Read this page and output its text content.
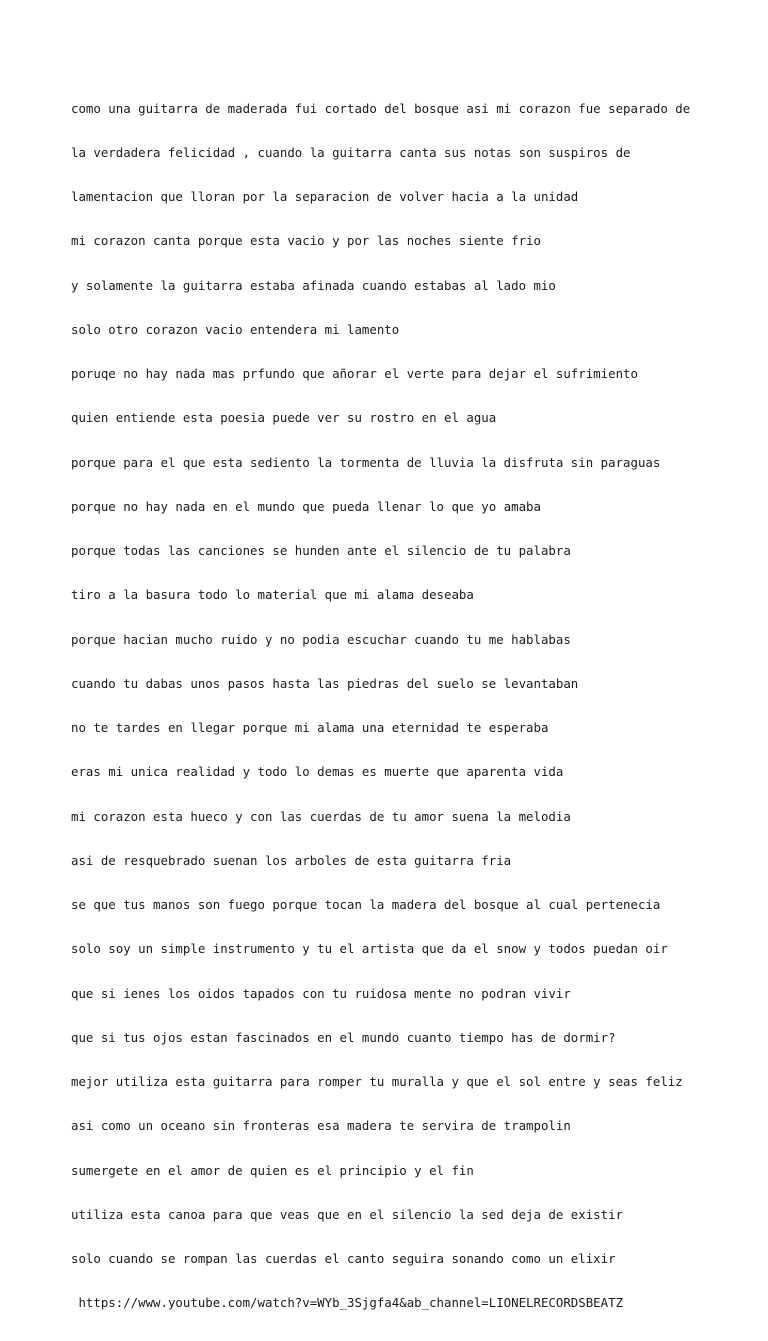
como una guitarra de maderada fui cortado del bosque asi mi corazon fue separado de

la verdadera felicidad , cuando la guitarra canta sus notas son suspiros de

lamentacion que lloran por la separacion de volver hacia a la unidad

mi corazon canta porque esta vacio y por las noches siente frio

y solamente la guitarra estaba afinada cuando estabas al lado mio

solo otro corazon vacio entendera mi lamento

poruqe no hay nada mas prfundo que añorar el verte para dejar el sufrimiento

quien entiende esta poesia puede ver su rostro en el agua

porque para el que esta sediento la tormenta de lluvia la disfruta sin paraguas

porque no hay nada en el mundo que pueda llenar lo que yo amaba

porque todas las canciones se hunden ante el silencio de tu palabra

tiro a la basura todo lo material que mi alama deseaba

porque hacian mucho ruido y no podia escuchar cuando tu me hablabas

cuando tu dabas unos pasos hasta las piedras del suelo se levantaban

no te tardes en llegar porque mi alama una eternidad te esperaba

eras mi unica realidad y todo lo demas es muerte que aparenta vida

mi corazon esta hueco y con las cuerdas de tu amor suena la melodia

asi de resquebrado suenan los arboles de esta guitarra fria

se que tus manos son fuego porque tocan la madera del bosque al cual pertenecia

solo soy un simple instrumento y tu el artista que da el snow y todos puedan oir

que si ienes los oidos tapados con tu ruidosa mente no podran vivir

que si tus ojos estan fascinados en el mundo cuanto tiempo has de dormir?

mejor utiliza esta guitarra para romper tu muralla y que el sol entre y seas feliz

asi como un oceano sin fronteras esa madera te servira de trampolin

sumergete en el amor de quien es el principio y el fin

utiliza esta canoa para que veas que en el silencio la sed deja de existir

solo cuando se rompan las cuerdas el canto seguira sonando como un elixir

https://www.youtube.com/watch?v=WYb_3Sjgfa4&ab_channel=LIONELRECORDSBEATZ
